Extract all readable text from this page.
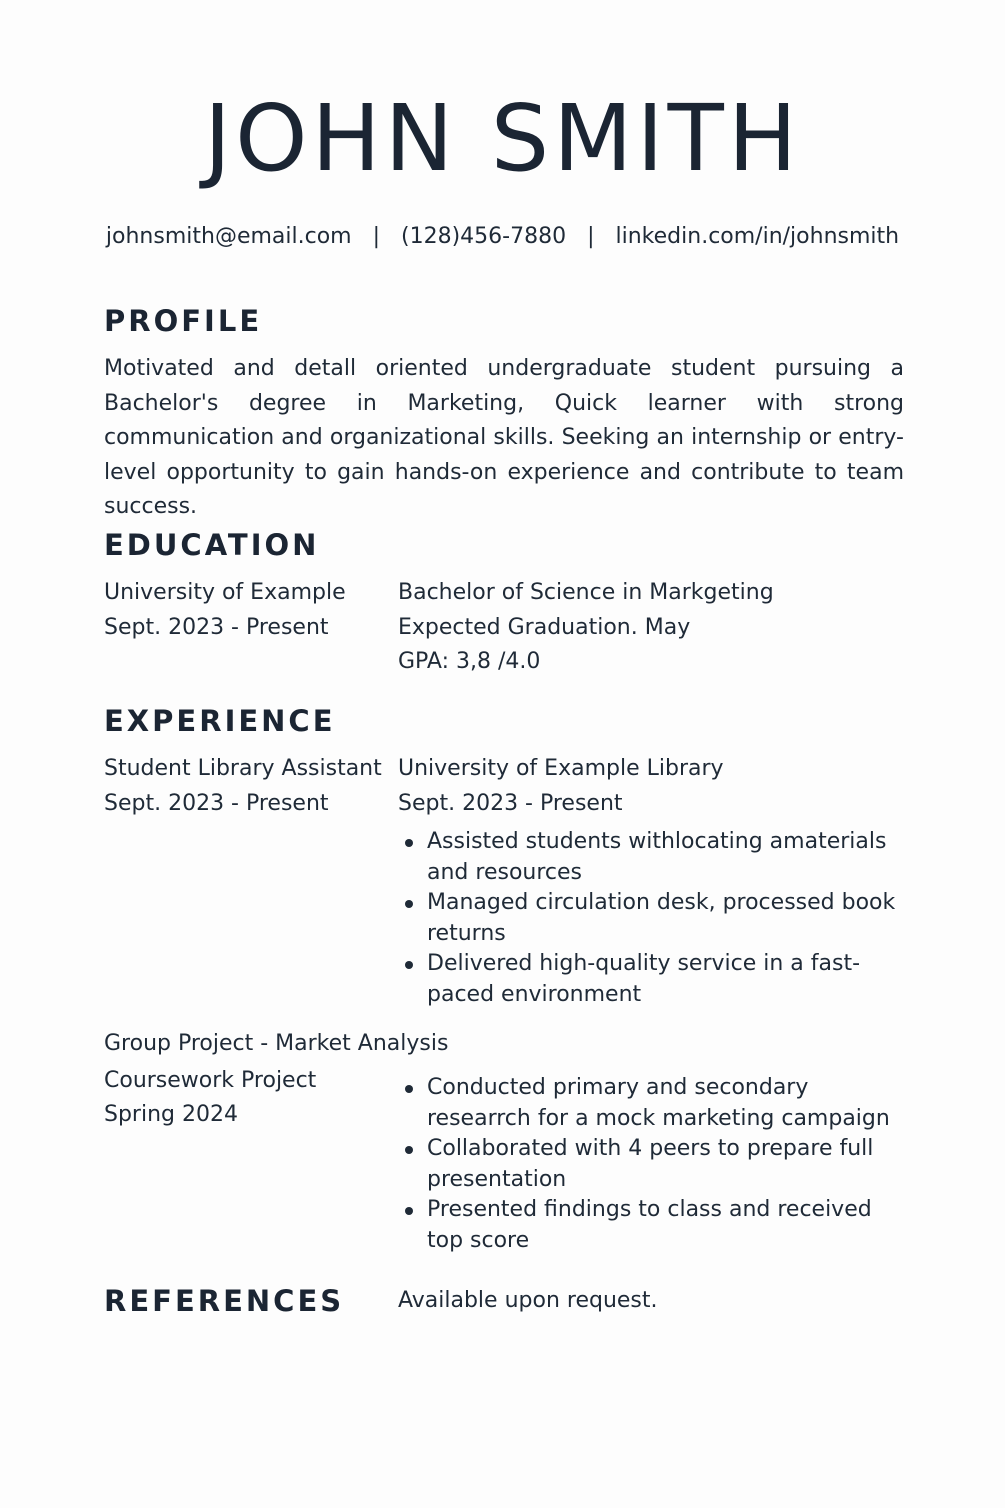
JOHN SMITH
johnsmith@email.com | (128)456-7880 | linkedin.com/in/johnsmith
PROFILE
Motivated and detall oriented undergraduate student pursuing a Bachelor's degree in Marketing, Quick learner with strong communication and organizational skills. Seeking an internship or entry-level opportunity to gain hands-on experience and contribute to team success.
EDUCATION
University of Example
Sept. 2023 - Present
Bachelor of Science in Markgeting
Expected Graduation. May
GPA: 3,8 /4.0
EXPERIENCE
Student Library Assistant
Sept. 2023 - Present
University of Example Library
Sept. 2023 - Present
Assisted students withlocating amaterials and resources
Managed circulation desk, processed book returns
Delivered high-quality service in a fast-paced environment
Group Project - Market Analysis
Coursework Project
Spring 2024
Conducted primary and secondary researrch for a mock marketing campaign
Collaborated with 4 peers to prepare full presentation
Presented findings to class and received top score
REFERENCES Available upon request.
